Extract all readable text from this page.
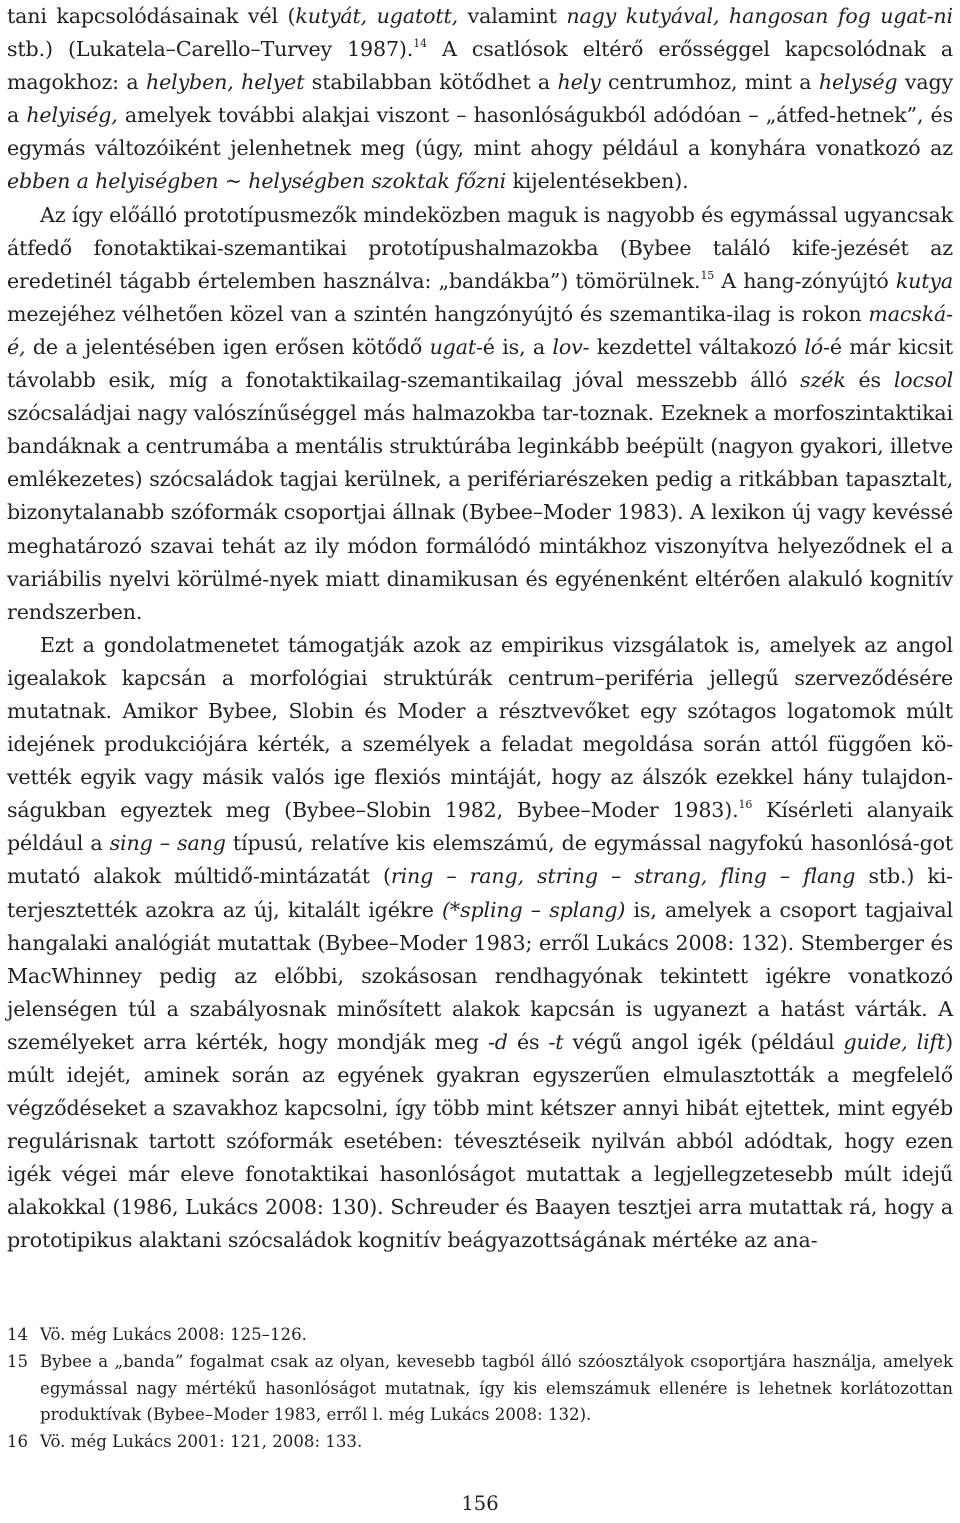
tani kapcsolódásainak vél (kutyát, ugatott, valamint nagy kutyával, hangosan fog ugat-ni stb.) (Lukatela–Carello–Turvey 1987).$^{14}$ A csatlósok eltérő erősséggel kapcsolódnak a magokhoz: a helyben, helyet stabilabban kötődhet a hely centrumhoz, mint a helység vagy a helyiség, amelyek további alakjai viszont – hasonlóságukból adódóan – „átfed-hetnek”, és egymás változóiként jelenhetnek meg (úgy, mint ahogy például a konyhára vonatkozó az ebben a helyiségben ~ helységben szoktak főzni kijelentésekben).

Az így előálló prototípusmezők mindeközben maguk is nagyobb és egymással ugyancsak átfedő fonotaktikai-szemantikai prototípushalmazokba (Bybee találó kife-jezését az eredetinél tágabb értelemben használva: „bandákba”) tömörülnek.$^{15}$ A hang-zónyújtó kutya mezejéhez vélhetően közel van a szintén hangzónyújtó és szemantika-ilag is rokon macská-é, de a jelentésében igen erősen kötődő ugat-é is, a lov- kezdettel váltakozó ló-é már kicsit távolabb esik, míg a fonotaktikailag-szemantikailag jóval messzebb álló szék és locsol szócsaládjai nagy valószínűséggel más halmazokba tar-toznak. Ezeknek a morfoszintaktikai bandáknak a centrumába a mentális struktúrába leginkább beépült (nagyon gyakori, illetve emlékezetes) szócsaládok tagjai kerülnek, a perifériarészeken pedig a ritkábban tapasztalt, bizonytalanabb szóformák csoportjai állnak (Bybee–Moder 1983). A lexikon új vagy kevéssé meghatározó szavai tehát az ily módon formálódó mintákhoz viszonyítva helyeződnek el a variábilis nyelvi körülmé-nyek miatt dinamikusan és egyénenként eltérően alakuló kognitív rendszerben.

Ezt a gondolatmenetet támogatják azok az empirikus vizsgálatok is, amelyek az angol igealakok kapcsán a morfológiai struktúrák centrum–periféria jellegű szerveződésére mutatnak. Amikor Bybee, Slobin és Moder a résztvevőket egy szótagos logatomok múlt idejének produkciójára kérték, a személyek a feladat megoldása során attól függően kö-vették egyik vagy másik valós ige flexiós mintáját, hogy az álszók ezekkel hány tulajdon-ságukban egyeztek meg (Bybee–Slobin 1982, Bybee–Moder 1983).$^{16}$ Kísérleti alanyaik például a sing – sang típusú, relatíve kis elemszámú, de egymással nagyfokú hasonlósá-got mutató alakok múltidő-mintázatát (ring – rang, string – strang, fling – flang stb.) ki-terjesztették azokra az új, kitalált igékre (*spling – splang) is, amelyek a csoport tagjaival hangalaki analógiát mutattak (Bybee–Moder 1983; erről Lukács 2008: 132). Stemberger és MacWhinney pedig az előbbi, szokásosan rendhagyónak tekintett igékre vonatkozó jelenségen túl a szabályosnak minősített alakok kapcsán is ugyanezt a hatást várták. A személyeket arra kérték, hogy mondják meg -d és -t végű angol igék (például guide, lift) múlt idejét, aminek során az egyének gyakran egyszerűen elmulasztották a megfelelő végződéseket a szavakhoz kapcsolni, így több mint kétszer annyi hibát ejtettek, mint egyéb regulárisnak tartott szóformák esetében: tévesztéseik nyilván abból adódtak, hogy ezen igék végei már eleve fonotaktikai hasonlóságot mutattak a legjellegzetesebb múlt idejű alakokkal (1986, Lukács 2008: 130). Schreuder és Baayen tesztjei arra mutattak rá, hogy a prototipikus alaktani szócsaládok kognitív beágyazottságának mértéke az ana-

14 Vö. még Lukács 2008: 125–126.
15 Bybee a „banda” fogalmat csak az olyan, kevesebb tagból álló szóosztályok csoportjára használja, amelyek egymással nagy mértékű hasonlóságot mutatnak, így kis elemszámuk ellenére is lehetnek korlátozottan produktívak (Bybee–Moder 1983, erről l. még Lukács 2008: 132).
16 Vö. még Lukács 2001: 121, 2008: 133.
156
